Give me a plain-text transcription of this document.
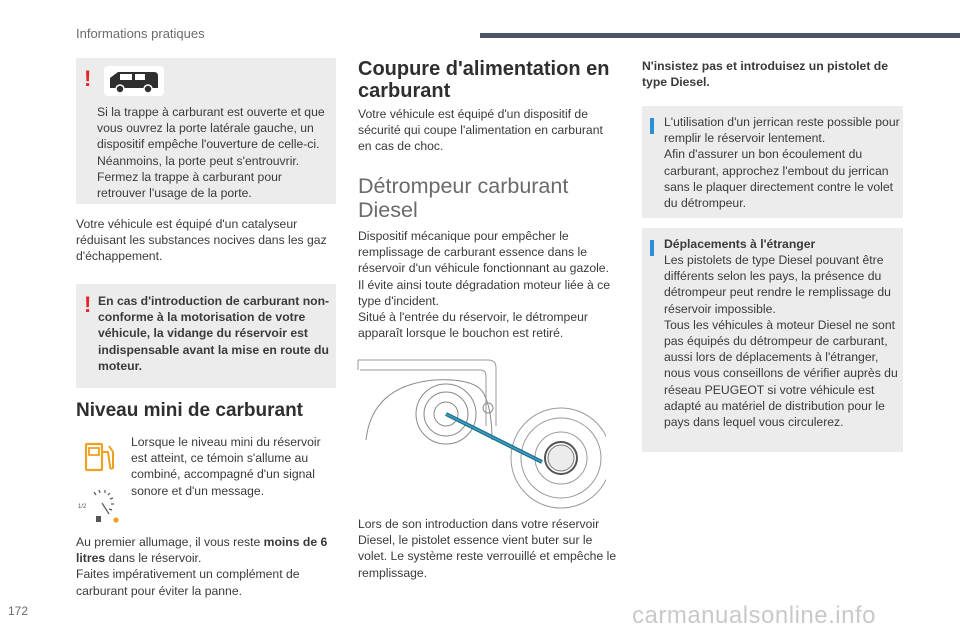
Informations pratiques
!
Si la trappe à carburant est ouverte et que vous ouvrez la porte latérale gauche, un dispositif empêche l'ouverture de celle-ci. Néanmoins, la porte peut s'entrouvrir. Fermez la trappe à carburant pour retrouver l'usage de la porte.
Votre véhicule est équipé d'un catalyseur réduisant les substances nocives dans les gaz d'échappement.
! En cas d'introduction de carburant non-conforme à la motorisation de votre véhicule, la vidange du réservoir est indispensable avant la mise en route du moteur.
Niveau mini de carburant
Lorsque le niveau mini du réservoir est atteint, ce témoin s'allume au combiné, accompagné d'un signal sonore et d'un message.
1/2
Au premier allumage, il vous reste moins de 6 litres dans le réservoir.
Faites impérativement un complément de carburant pour éviter la panne.
Coupure d'alimentation en carburant
Votre véhicule est équipé d'un dispositif de sécurité qui coupe l'alimentation en carburant en cas de choc.
Détrompeur carburant Diesel
Dispositif mécanique pour empêcher le remplissage de carburant essence dans le réservoir d'un véhicule fonctionnant au gazole. Il évite ainsi toute dégradation moteur liée à ce type d'incident.
Situé à l'entrée du réservoir, le détrompeur apparaît lorsque le bouchon est retiré.
Lors de son introduction dans votre réservoir Diesel, le pistolet essence vient buter sur le volet. Le système reste verrouillé et empêche le remplissage.
N'insistez pas et introduisez un pistolet de type Diesel.
L'utilisation d'un jerrican reste possible pour remplir le réservoir lentement.
Afin d'assurer un bon écoulement du carburant, approchez l'embout du jerrican sans le plaquer directement contre le volet du détrompeur.
Déplacements à l'étranger
Les pistolets de type Diesel pouvant être différents selon les pays, la présence du détrompeur peut rendre le remplissage du réservoir impossible.
Tous les véhicules à moteur Diesel ne sont pas équipés du détrompeur de carburant, aussi lors de déplacements à l'étranger, nous vous conseillons de vérifier auprès du réseau PEUGEOT si votre véhicule est adapté au matériel de distribution pour le pays dans lequel vous circulerez.
172	carmanualsonline.info
